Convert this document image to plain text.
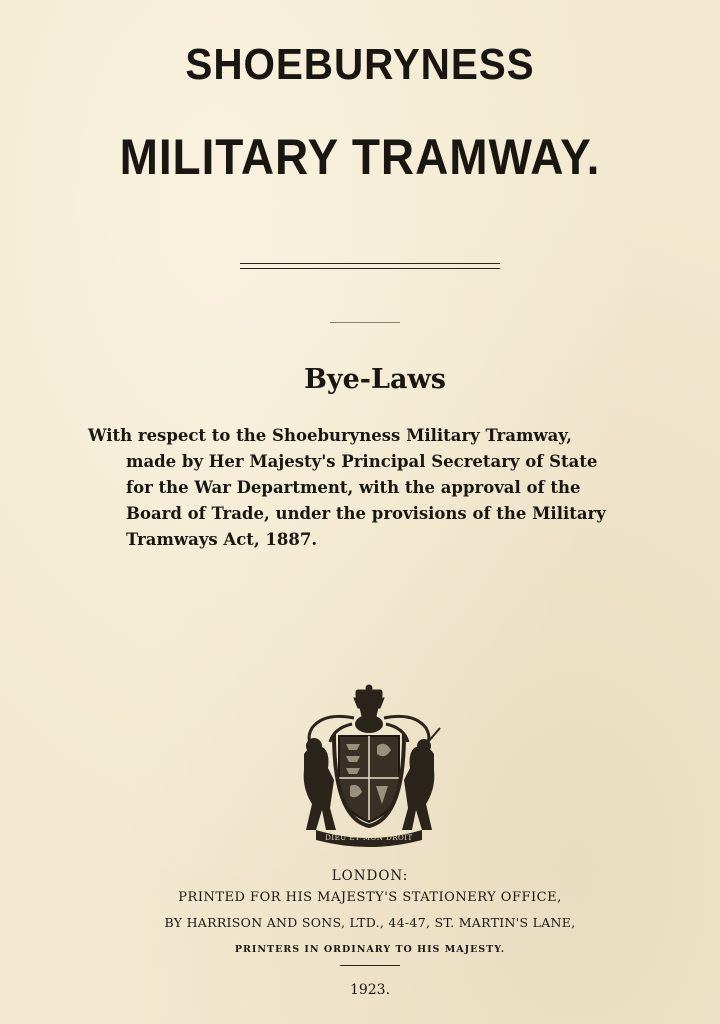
SHOEBURYNESS
MILITARY TRAMWAY.
Bye-Laws
With respect to the Shoeburyness Military Tramway,
made by Her Majesty's Principal Secretary of State
for the War Department, with the approval of the
Board of Trade, under the provisions of the Military
Tramways Act, 1887.
DIEU ET MON DROIT
LONDON:
PRINTED FOR HIS MAJESTY'S STATIONERY OFFICE,
BY HARRISON AND SONS, LTD., 44-47, ST. MARTIN'S LANE,
PRINTERS IN ORDINARY TO HIS MAJESTY.
1923.
